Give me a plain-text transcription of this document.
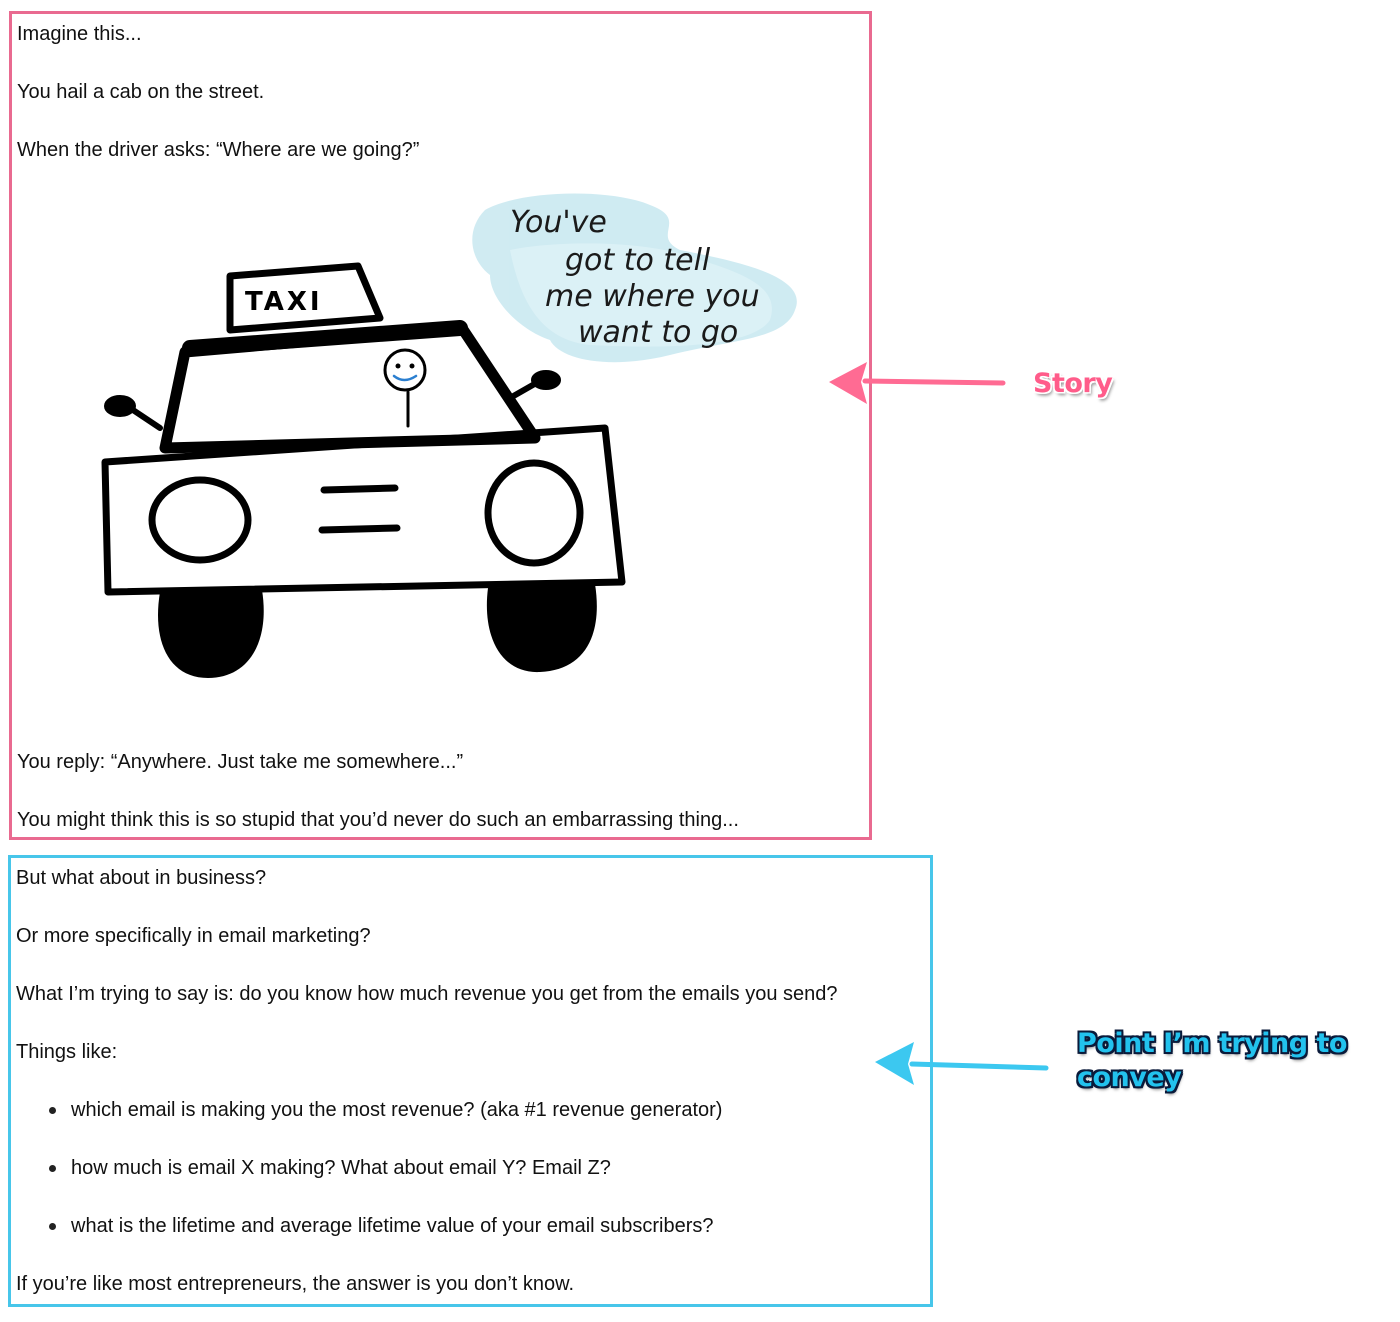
Imagine this...

You hail a cab on the street.

When the driver asks: “Where are we going?”

You reply: “Anywhere. Just take me somewhere...”

You might think this is so stupid that you’d never do such an embarrassing thing...

You've
got to tell
me where you
want to go
TAXI

But what about in business?

Or more specifically in email marketing?

What I’m trying to say is: do you know how much revenue you get from the emails you send?

Things like:

which email is making you the most revenue? (aka #1 revenue generator)
how much is email X making? What about email Y? Email Z?
what is the lifetime and average lifetime value of your email subscribers?

If you’re like most entrepreneurs, the answer is you don’t know.

Story
Point I’m trying to convey
